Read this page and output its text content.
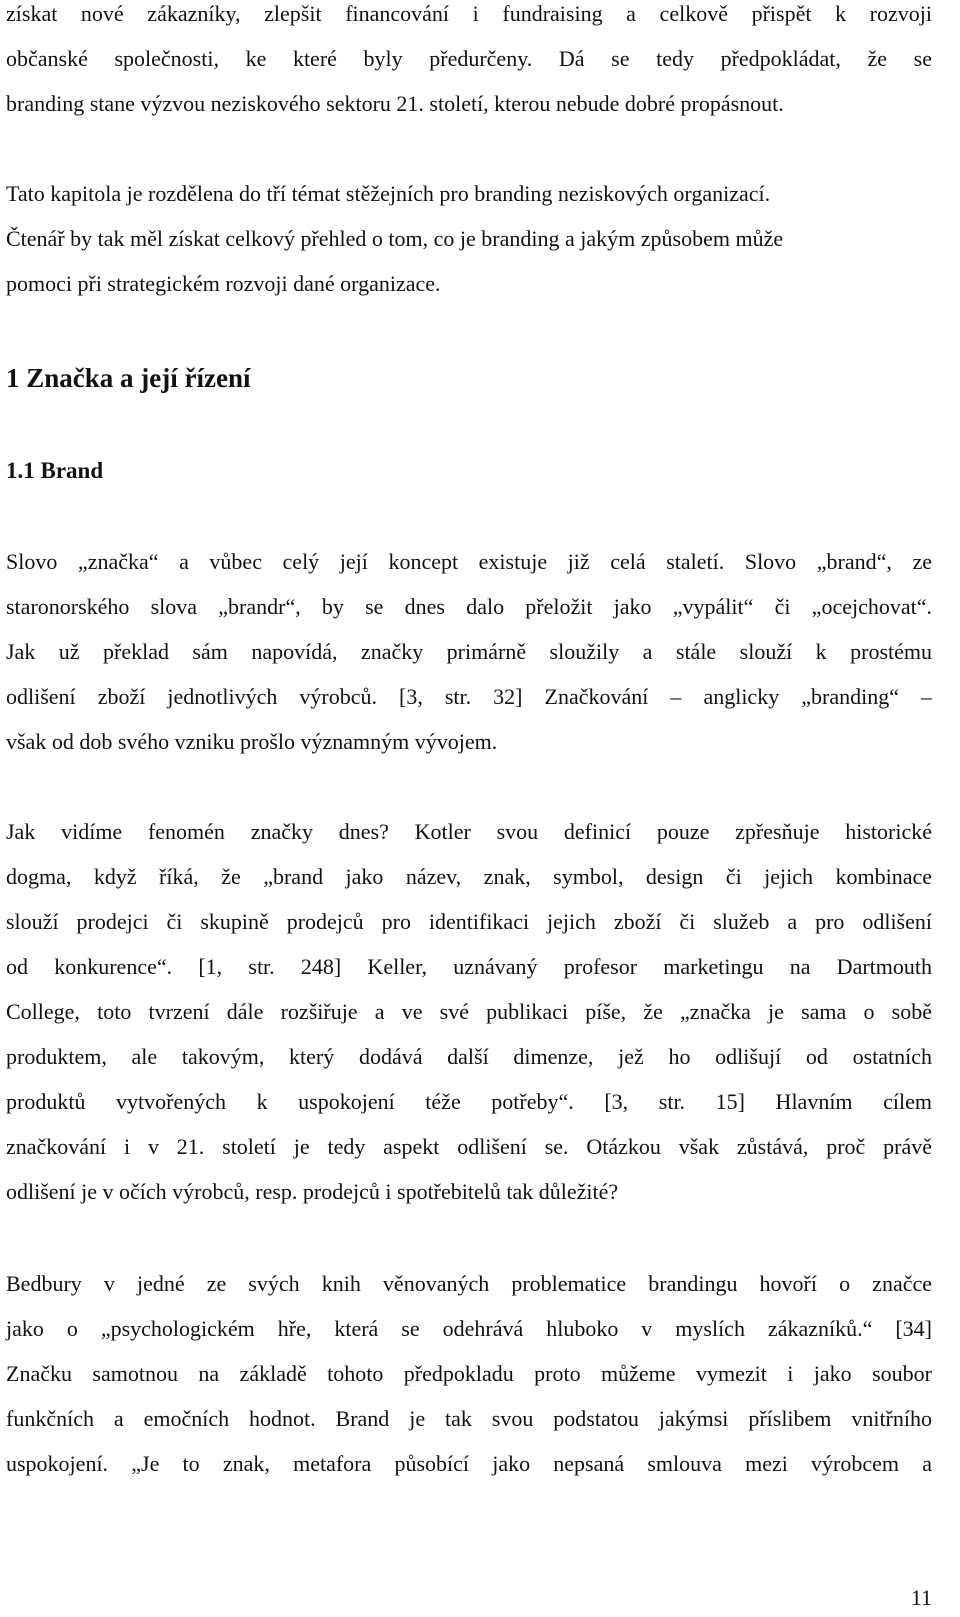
získat nové zákazníky, zlepšit financování i fundraising a celkově přispět k rozvoji
občanské společnosti, ke které byly předurčeny. Dá se tedy předpokládat, že se
branding stane výzvou neziskového sektoru 21. století, kterou nebude dobré propásnout.
Tato kapitola je rozdělena do tří témat stěžejních pro branding neziskových organizací.
Čtenář by tak měl získat celkový přehled o tom, co je branding a jakým způsobem může
pomoci při strategickém rozvoji dané organizace.
1 Značka a její řízení
1.1 Brand
Slovo „značka“ a vůbec celý její koncept existuje již celá staletí. Slovo „brand“, ze
staronorského slova „brandr“, by se dnes dalo přeložit jako „vypálit“ či „ocejchovat“.
Jak už překlad sám napovídá, značky primárně sloužily a stále slouží k prostému
odlišení zboží jednotlivých výrobců. [3, str. 32] Značkování – anglicky „branding“ –
však od dob svého vzniku prošlo významným vývojem.
Jak vidíme fenomén značky dnes? Kotler svou definicí pouze zpřesňuje historické
dogma, když říká, že „brand jako název, znak, symbol, design či jejich kombinace
slouží prodejci či skupině prodejců pro identifikaci jejich zboží či služeb a pro odlišení
od konkurence“. [1, str. 248] Keller, uznávaný profesor marketingu na Dartmouth
College, toto tvrzení dále rozšiřuje a ve své publikaci píše, že „značka je sama o sobě
produktem, ale takovým, který dodává další dimenze, jež ho odlišují od ostatních
produktů vytvořených k uspokojení téže potřeby“. [3, str. 15] Hlavním cílem
značkování i v 21. století je tedy aspekt odlišení se. Otázkou však zůstává, proč právě
odlišení je v očích výrobců, resp. prodejců i spotřebitelů tak důležité?
Bedbury v jedné ze svých knih věnovaných problematice brandingu hovoří o značce
jako o „psychologickém hře, která se odehrává hluboko v myslích zákazníků.“ [34]
Značku samotnou na základě tohoto předpokladu proto můžeme vymezit i jako soubor
funkčních a emočních hodnot. Brand je tak svou podstatou jakýmsi příslibem vnitřního
uspokojení. „Je to znak, metafora působící jako nepsaná smlouva mezi výrobcem a
11
